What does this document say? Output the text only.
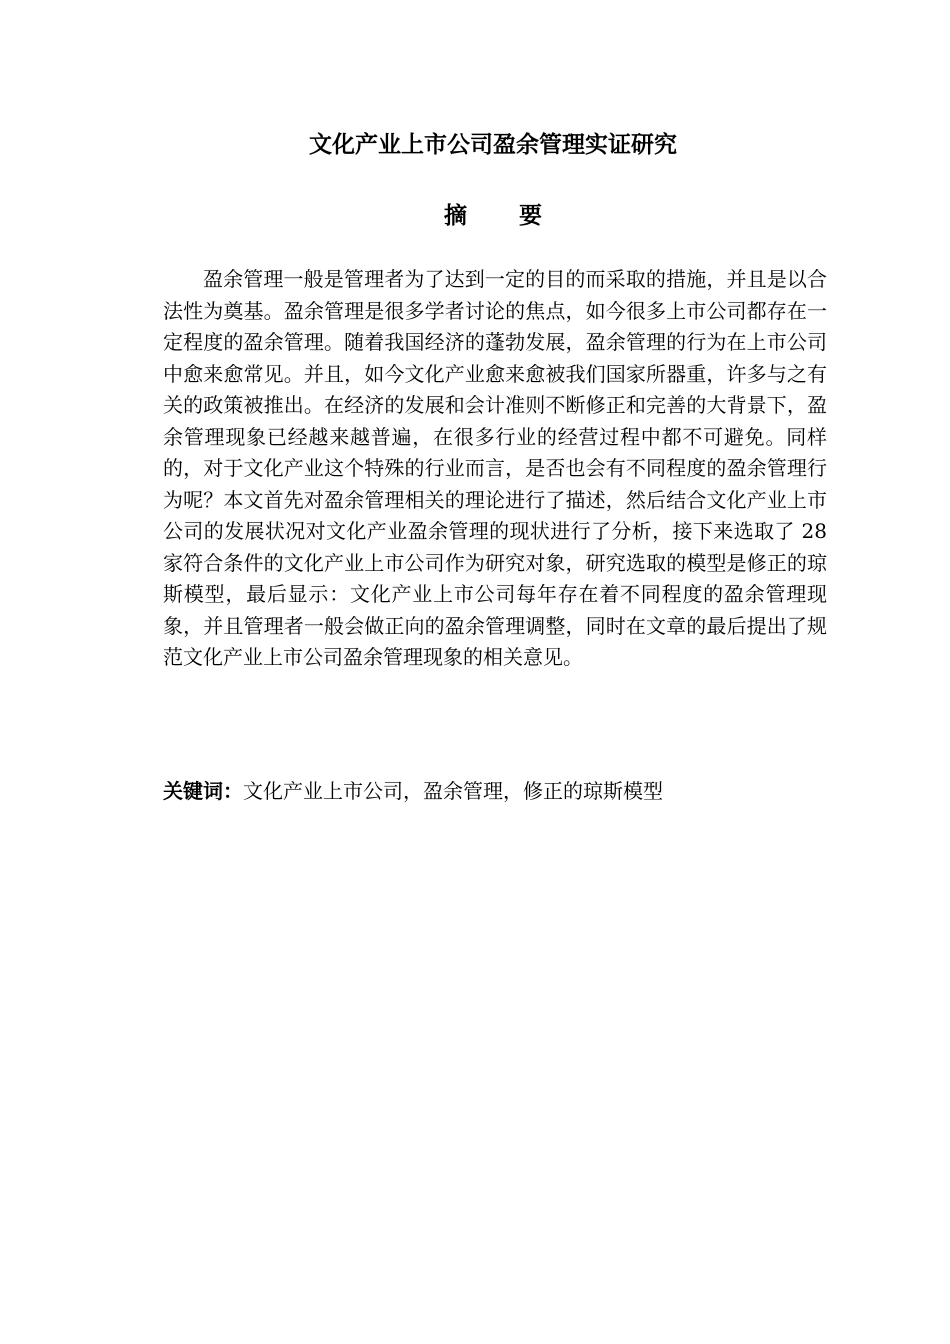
文化产业上市公司盈余管理实证研究
摘要

盈余管理一般是管理者为了达到一定的目的而采取的措施，并且是以合法性为奠基。盈余管理是很多学者讨论的焦点，如今很多上市公司都存在一定程度的盈余管理。随着我国经济的蓬勃发展，盈余管理的行为在上市公司中愈来愈常见。并且，如今文化产业愈来愈被我们国家所器重，许多与之有关的政策被推出。在经济的发展和会计准则不断修正和完善的大背景下，盈余管理现象已经越来越普遍，在很多行业的经营过程中都不可避免。同样的，对于文化产业这个特殊的行业而言，是否也会有不同程度的盈余管理行为呢？本文首先对盈余管理相关的理论进行了描述，然后结合文化产业上市公司的发展状况对文化产业盈余管理的现状进行了分析，接下来选取了 28 家符合条件的文化产业上市公司作为研究对象，研究选取的模型是修正的琼斯模型，最后显示：文化产业上市公司每年存在着不同程度的盈余管理现象，并且管理者一般会做正向的盈余管理调整，同时在文章的最后提出了规范文化产业上市公司盈余管理现象的相关意见。

关键词：文化产业上市公司，盈余管理，修正的琼斯模型
